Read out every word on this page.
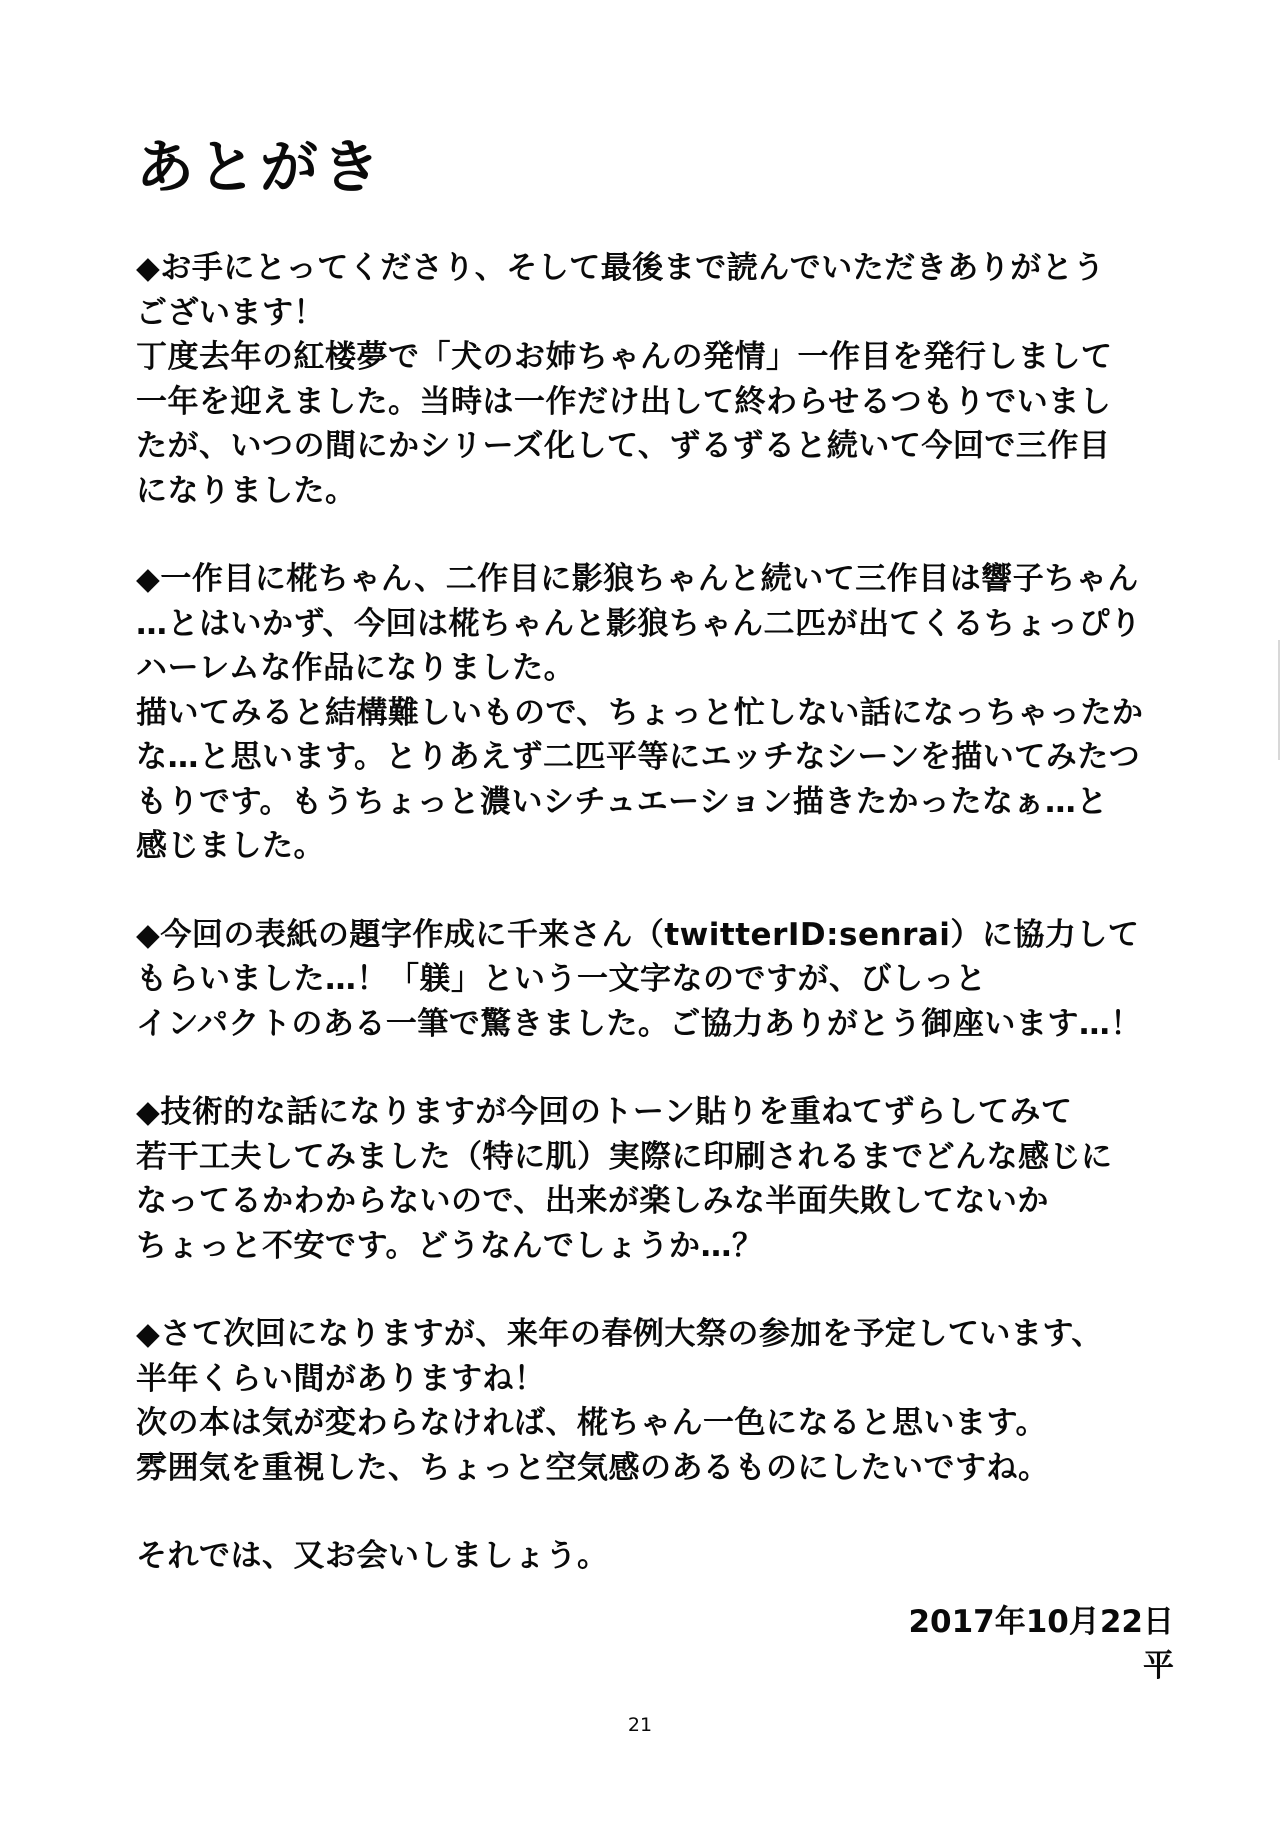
あとがき
◆お手にとってくださり、そして最後まで読んでいただきありがとう
ございます！
丁度去年の紅楼夢で「犬のお姉ちゃんの発情」一作目を発行しまして
一年を迎えました。当時は一作だけ出して終わらせるつもりでいまし
たが、いつの間にかシリーズ化して、ずるずると続いて今回で三作目
になりました。
◆一作目に椛ちゃん、二作目に影狼ちゃんと続いて三作目は響子ちゃん
…とはいかず、今回は椛ちゃんと影狼ちゃん二匹が出てくるちょっぴり
ハーレムな作品になりました。
描いてみると結構難しいもので、ちょっと忙しない話になっちゃったか
な…と思います。とりあえず二匹平等にエッチなシーンを描いてみたつ
もりです。もうちょっと濃いシチュエーション描きたかったなぁ…と
感じました。
◆今回の表紙の題字作成に千来さん（twitterID:senrai）に協力して
もらいました…！「躾」という一文字なのですが、びしっと
インパクトのある一筆で驚きました。ご協力ありがとう御座います…！
◆技術的な話になりますが今回のトーン貼りを重ねてずらしてみて
若干工夫してみました（特に肌）実際に印刷されるまでどんな感じに
なってるかわからないので、出来が楽しみな半面失敗してないか
ちょっと不安です。どうなんでしょうか…？
◆さて次回になりますが、来年の春例大祭の参加を予定しています、
半年くらい間がありますね！
次の本は気が変わらなければ、椛ちゃん一色になると思います。
雰囲気を重視した、ちょっと空気感のあるものにしたいですね。
それでは、又お会いしましょう。
2017年10月22日
平
21
